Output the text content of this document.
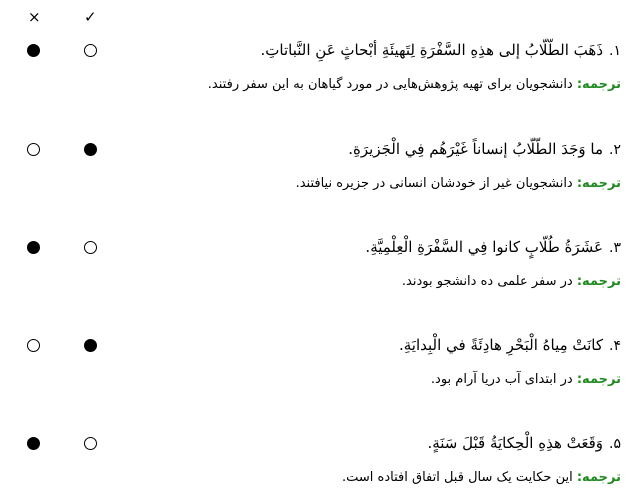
×	✓
۱.ذَهَبَ الطّلّابُ إلی هذِهِ السَّفْرَةِ لِتَهيئَةِ أبْحاثٍ عَنِ النَّباتاتِ.
ترجمه: دانشجویان برای تهیه پژوهش‌هایی در مورد گیاهان به این سفر رفتند.
۲.ما وَجَدَ الطّلّابُ إنساناً غَيْرَهُم فِي الْجَزيرَةِ.
ترجمه: دانشجویان غیر از خودشان انسانی در جزیره نیافتند.
۳.عَشَرَةُ طُلّابٍ كانوا فِي السَّفْرَةِ الْعِلْمِيَّةِ.
ترجمه: در سفر علمی ده دانشجو بودند.
۴.كانَتْ مِياهُ الْبَحْرِ هادِئَةً في الْبِدايَةِ.
ترجمه: در ابتدای آب دریا آرام بود.
۵.وَقَعَتْ هذِهِ الْحِكايَةُ قَبْلَ سَنَةٍ.
ترجمه: این حکایت یک سال قبل اتفاق افتاده است.
